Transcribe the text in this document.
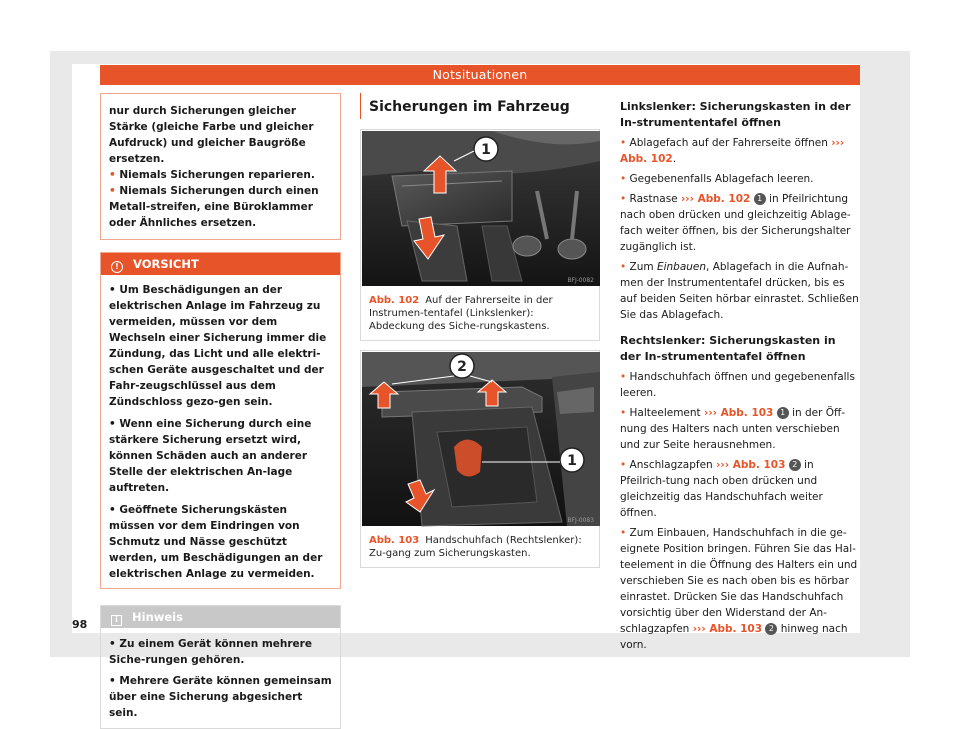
Notsituationen

nur durch Sicherungen gleicher Stärke (gleiche Farbe und gleicher Aufdruck) und gleicher Baugröße ersetzen.

• Niemals Sicherungen reparieren.

• Niemals Sicherungen durch einen Metall-streifen, eine Büroklammer oder Ähnliches ersetzen.

! VORSICHT

• Um Beschädigungen an der elektrischen Anlage im Fahrzeug zu vermeiden, müssen vor dem Wechseln einer Sicherung immer die Zündung, das Licht und alle elektri-schen Geräte ausgeschaltet und der Fahr-zeugschlüssel aus dem Zündschloss gezo-gen sein.

• Wenn eine Sicherung durch eine stärkere Sicherung ersetzt wird, können Schäden auch an anderer Stelle der elektrischen An-lage auftreten.

• Geöffnete Sicherungskästen müssen vor dem Eindringen von Schmutz und Nässe geschützt werden, um Beschädigungen an der elektrischen Anlage zu vermeiden.

i Hinweis

• Zu einem Gerät können mehrere Siche-rungen gehören.

• Mehrere Geräte können gemeinsam über eine Sicherung abgesichert sein.

Sicherungen im Fahrzeug
1
BFJ-0082
Abb. 102 Auf der Fahrerseite in der Instrumen-tentafel (Linkslenker): Abdeckung des Siche-rungskastens.
2
1
BFJ-0083
Abb. 103 Handschuhfach (Rechtslenker): Zu-gang zum Sicherungskasten.

Linkslenker: Sicherungskasten in der In-strumententafel öffnen

• Ablagefach auf der Fahrerseite öffnen ››› Abb. 102.

• Gegebenenfalls Ablagefach leeren.

• Rastnase ››› Abb. 102 1 in Pfeilrichtung nach oben drücken und gleichzeitig Ablage-fach weiter öffnen, bis der Sicherungshalter zugänglich ist.

• Zum Einbauen, Ablagefach in die Aufnah-men der Instrumententafel drücken, bis es auf beiden Seiten hörbar einrastet. Schließen Sie das Ablagefach.

Rechtslenker: Sicherungskasten in der In-strumententafel öffnen

• Handschuhfach öffnen und gegebenenfalls leeren.

• Halteelement ››› Abb. 103 1 in der Öff-nung des Halters nach unten verschieben und zur Seite herausnehmen.

• Anschlagzapfen ››› Abb. 103 2 in Pfeilrich-tung nach oben drücken und gleichzeitig das Handschuhfach weiter öffnen.

• Zum Einbauen, Handschuhfach in die ge-eignete Position bringen. Führen Sie das Hal-teelement in die Öffnung des Halters ein und verschieben Sie es nach oben bis es hörbar einrastet. Drücken Sie das Handschuhfach vorsichtig über den Widerstand der An-schlagzapfen ››› Abb. 103 2 hinweg nach vorn.

98
